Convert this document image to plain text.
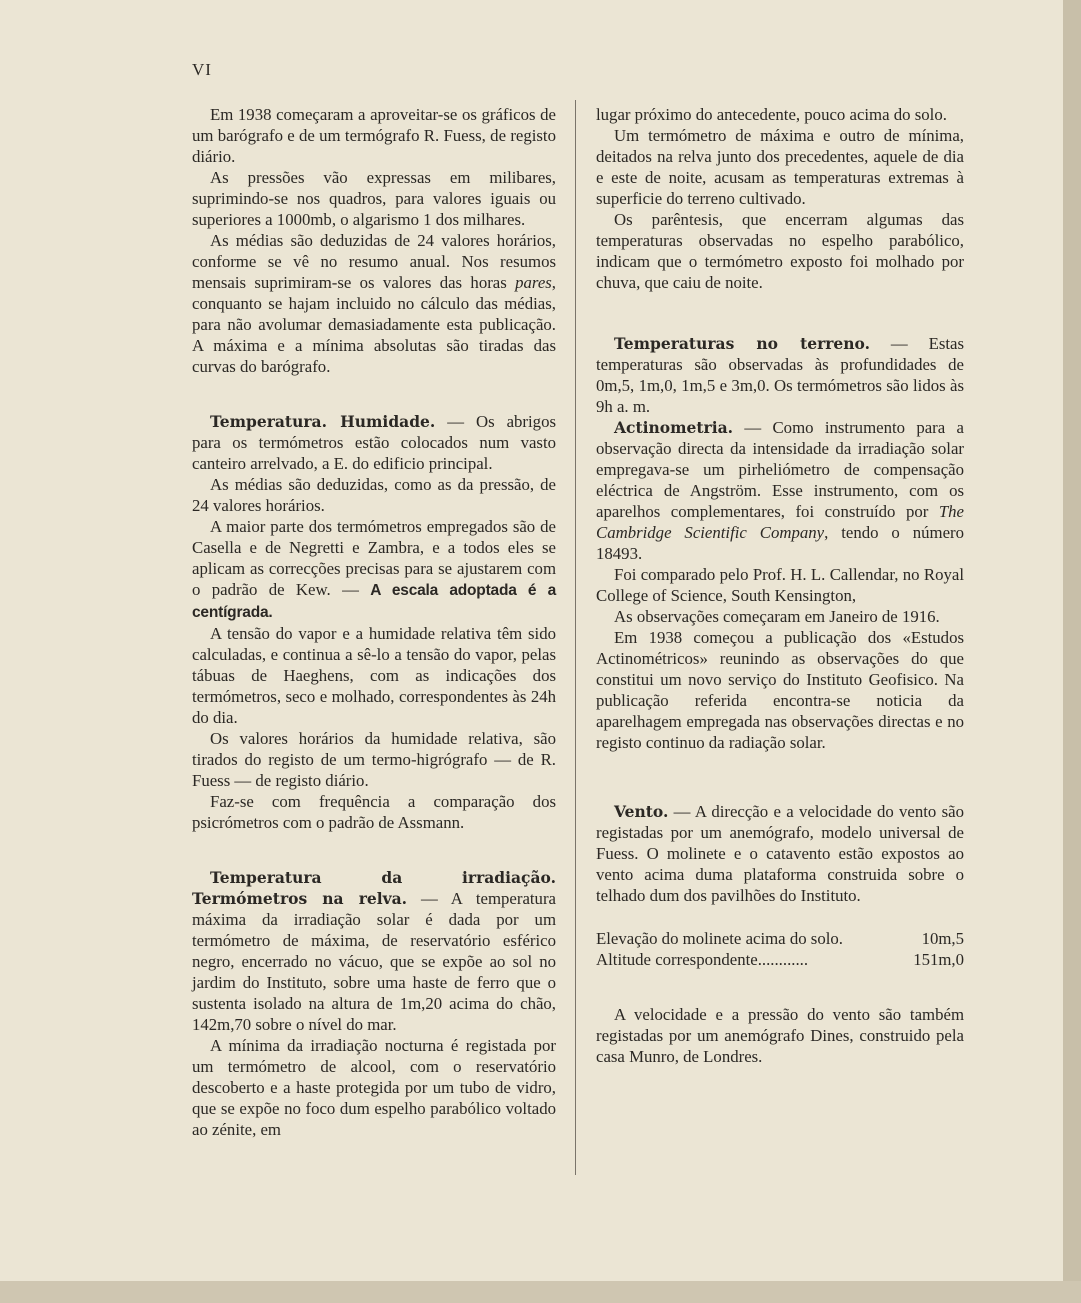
VI

Em 1938 começaram a aproveitar-se os gráficos de um barógrafo e de um termógrafo R. Fuess, de registo diário.

As pressões vão expressas em milibares, suprimindo-se nos quadros, para valores iguais ou superiores a 1000mb, o algarismo 1 dos milhares.

As médias são deduzidas de 24 valores horários, conforme se vê no resumo anual. Nos resumos mensais suprimiram-se os valores das horas pares, conquanto se hajam incluido no cálculo das médias, para não avolumar demasiadamente esta publicação. A máxima e a mínima absolutas são tiradas das curvas do barógrafo.

Temperatura. Humidade. — Os abrigos para os termómetros estão colocados num vasto canteiro arrelvado, a E. do edificio principal.

As médias são deduzidas, como as da pressão, de 24 valores horários.

A maior parte dos termómetros empregados são de Casella e de Negretti e Zambra, e a todos eles se aplicam as correcções precisas para se ajustarem com o padrão de Kew. — A escala adoptada é a centígrada.

A tensão do vapor e a humidade relativa têm sido calculadas, e continua a sê-lo a tensão do vapor, pelas tábuas de Haeghens, com as indicações dos termómetros, seco e molhado, correspondentes às 24h do dia.

Os valores horários da humidade relativa, são tirados do registo de um termo-higrógrafo — de R. Fuess — de registo diário.

Faz-se com frequência a comparação dos psicrómetros com o padrão de Assmann.

Temperatura da irradiação. Termómetros na relva. — A temperatura máxima da irradiação solar é dada por um termómetro de máxima, de reservatório esférico negro, encerrado no vácuo, que se expõe ao sol no jardim do Instituto, sobre uma haste de ferro que o sustenta isolado na altura de 1m,20 acima do chão, 142m,70 sobre o nível do mar.

A mínima da irradiação nocturna é registada por um termómetro de alcool, com o reservatório descoberto e a haste protegida por um tubo de vidro, que se expõe no foco dum espelho parabólico voltado ao zénite, em

lugar próximo do antecedente, pouco acima do solo.

Um termómetro de máxima e outro de mínima, deitados na relva junto dos precedentes, aquele de dia e este de noite, acusam as temperaturas extremas à superficie do terreno cultivado.

Os parêntesis, que encerram algumas das temperaturas observadas no espelho parabólico, indicam que o termómetro exposto foi molhado por chuva, que caiu de noite.

Temperaturas no terreno. — Estas temperaturas são observadas às profundidades de 0m,5, 1m,0, 1m,5 e 3m,0. Os termómetros são lidos às 9h a. m.

Actinometria. — Como instrumento para a observação directa da intensidade da irradiação solar empregava-se um pirheliómetro de compensação eléctrica de Angström. Esse instrumento, com os aparelhos complementares, foi construído por The Cambridge Scientific Company, tendo o número 18493.

Foi comparado pelo Prof. H. L. Callendar, no Royal College of Science, South Kensington,

As observações começaram em Janeiro de 1916.

Em 1938 começou a publicação dos «Estudos Actinométricos» reunindo as observações do que constitui um novo serviço do Instituto Geofisico. Na publicação referida encontra-se noticia da aparelhagem empregada nas observações directas e no registo continuo da radiação solar.

Vento. — A direcção e a velocidade do vento são registadas por um anemógrafo, modelo universal de Fuess. O molinete e o catavento estão expostos ao vento acima duma plataforma construida sobre o telhado dum dos pavilhões do Instituto.

Elevação do molinete acima do solo.	10m,5
Altitude correspondente............	151m,0

A velocidade e a pressão do vento são também registadas por um anemógrafo Dines, construido pela casa Munro, de Londres.
